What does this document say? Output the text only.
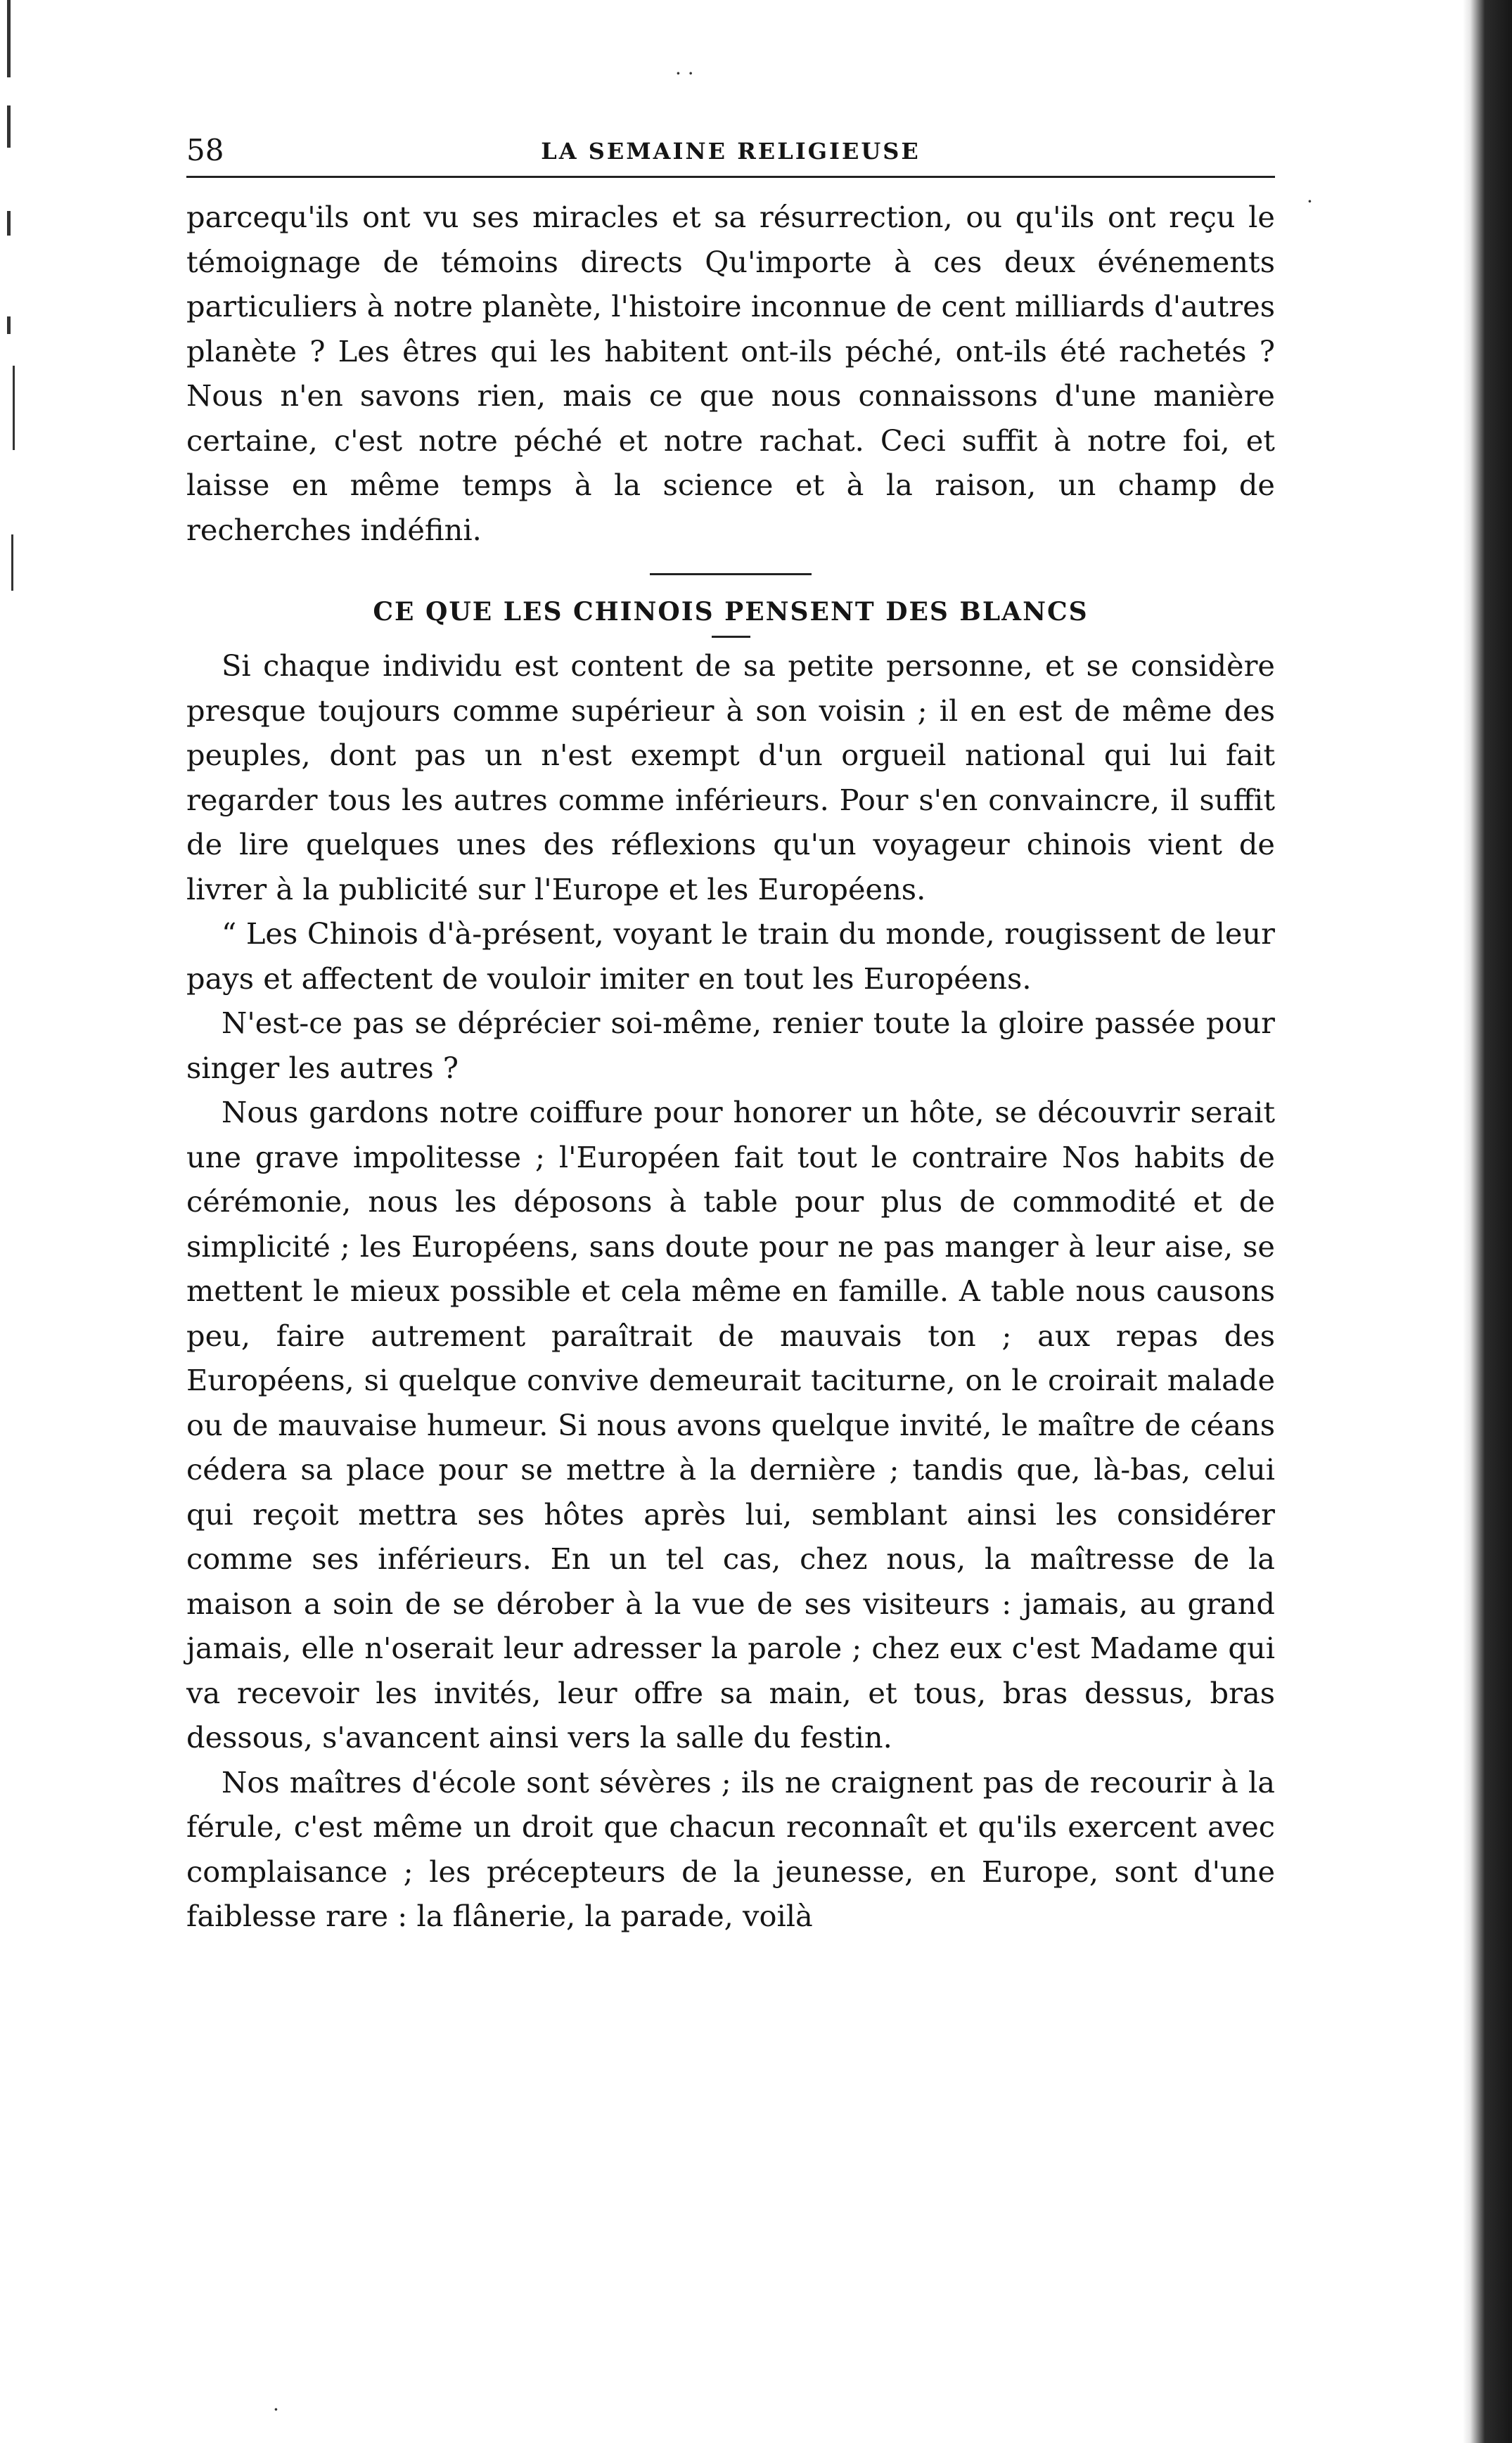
· ·
·
·
58	LA SEMAINE RELIGIEUSE

parcequ'ils ont vu ses miracles et sa résurrection, ou qu'ils ont reçu le témoignage de témoins directs Qu'importe à ces deux événements particuliers à notre planète, l'histoire inconnue de cent milliards d'autres planète ? Les êtres qui les habitent ont-ils péché, ont-ils été rachetés ? Nous n'en savons rien, mais ce que nous connaissons d'une manière certaine, c'est notre péché et notre rachat. Ceci suffit à notre foi, et laisse en même temps à la science et à la raison, un champ de recherches indéfini.

CE QUE LES CHINOIS PENSENT DES BLANCS

Si chaque individu est content de sa petite personne, et se considère presque toujours comme supérieur à son voisin ; il en est de même des peuples, dont pas un n'est exempt d'un orgueil national qui lui fait regarder tous les autres comme inférieurs. Pour s'en convaincre, il suffit de lire quelques unes des réflexions qu'un voyageur chinois vient de livrer à la publicité sur l'Europe et les Européens.

“ Les Chinois d'à-présent, voyant le train du monde, rougissent de leur pays et affectent de vouloir imiter en tout les Européens.

N'est-ce pas se déprécier soi-même, renier toute la gloire passée pour singer les autres ?

Nous gardons notre coiffure pour honorer un hôte, se découvrir serait une grave impolitesse ; l'Européen fait tout le contraire Nos habits de cérémonie, nous les déposons à table pour plus de commodité et de simplicité ; les Européens, sans doute pour ne pas manger à leur aise, se mettent le mieux possible et cela même en famille. A table nous causons peu, faire autrement paraîtrait de mauvais ton ; aux repas des Européens, si quelque convive demeurait taciturne, on le croirait malade ou de mauvaise humeur. Si nous avons quelque invité, le maître de céans cédera sa place pour se mettre à la dernière ; tandis que, là-bas, celui qui reçoit mettra ses hôtes après lui, semblant ainsi les considérer comme ses inférieurs. En un tel cas, chez nous, la maîtresse de la maison a soin de se dérober à la vue de ses visiteurs : jamais, au grand jamais, elle n'oserait leur adresser la parole ; chez eux c'est Madame qui va recevoir les invités, leur offre sa main, et tous, bras dessus, bras dessous, s'avancent ainsi vers la salle du festin.

Nos maîtres d'école sont sévères ; ils ne craignent pas de recourir à la férule, c'est même un droit que chacun reconnaît et qu'ils exercent avec complaisance ; les précepteurs de la jeunesse, en Europe, sont d'une faiblesse rare : la flânerie, la parade, voilà
